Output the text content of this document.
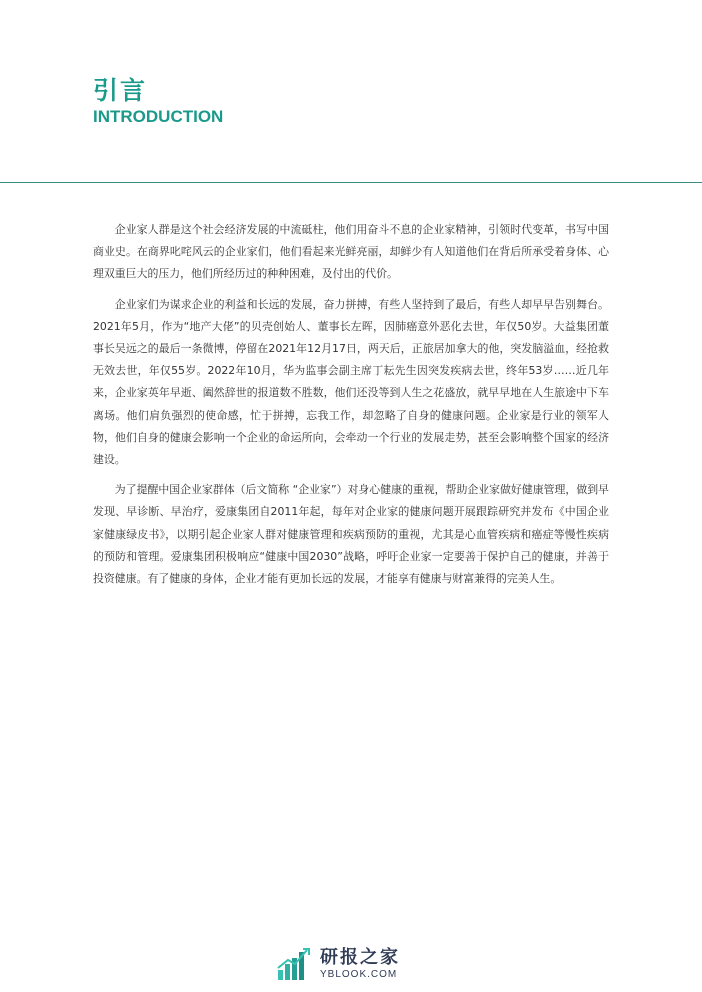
引言
INTRODUCTION

企业家人群是这个社会经济发展的中流砥柱，他们用奋斗不息的企业家精神，引领时代变革，书写中国商业史。在商界叱咤风云的企业家们，他们看起来光鲜亮丽，却鲜少有人知道他们在背后所承受着身体、心理双重巨大的压力，他们所经历过的种种困难，及付出的代价。

企业家们为谋求企业的利益和长远的发展，奋力拼搏，有些人坚持到了最后，有些人却早早告别舞台。2021年5月，作为“地产大佬”的贝壳创始人、董事长左晖，因肺癌意外恶化去世，年仅50岁。大益集团董事长吴远之的最后一条微博，停留在2021年12月17日，两天后，正旅居加拿大的他，突发脑溢血，经抢救无效去世，年仅55岁。2022年10月，华为监事会副主席丁耘先生因突发疾病去世，终年53岁……近几年来，企业家英年早逝、阖然辞世的报道数不胜数，他们还没等到人生之花盛放，就早早地在人生旅途中下车离场。他们肩负强烈的使命感，忙于拼搏，忘我工作，却忽略了自身的健康问题。企业家是行业的领军人物，他们自身的健康会影响一个企业的命运所向，会牵动一个行业的发展走势，甚至会影响整个国家的经济建设。

为了提醒中国企业家群体（后文简称 “企业家”）对身心健康的重视，帮助企业家做好健康管理，做到早发现、早诊断、早治疗，爱康集团自2011年起，每年对企业家的健康问题开展跟踪研究并发布《中国企业家健康绿皮书》，以期引起企业家人群对健康管理和疾病预防的重视，尤其是心血管疾病和癌症等慢性疾病的预防和管理。爱康集团积极响应“健康中国2030”战略，呼吁企业家一定要善于保护自己的健康，并善于投资健康。有了健康的身体，企业才能有更加长远的发展，才能享有健康与财富兼得的完美人生。

研报之家
YBLOOK.COM
